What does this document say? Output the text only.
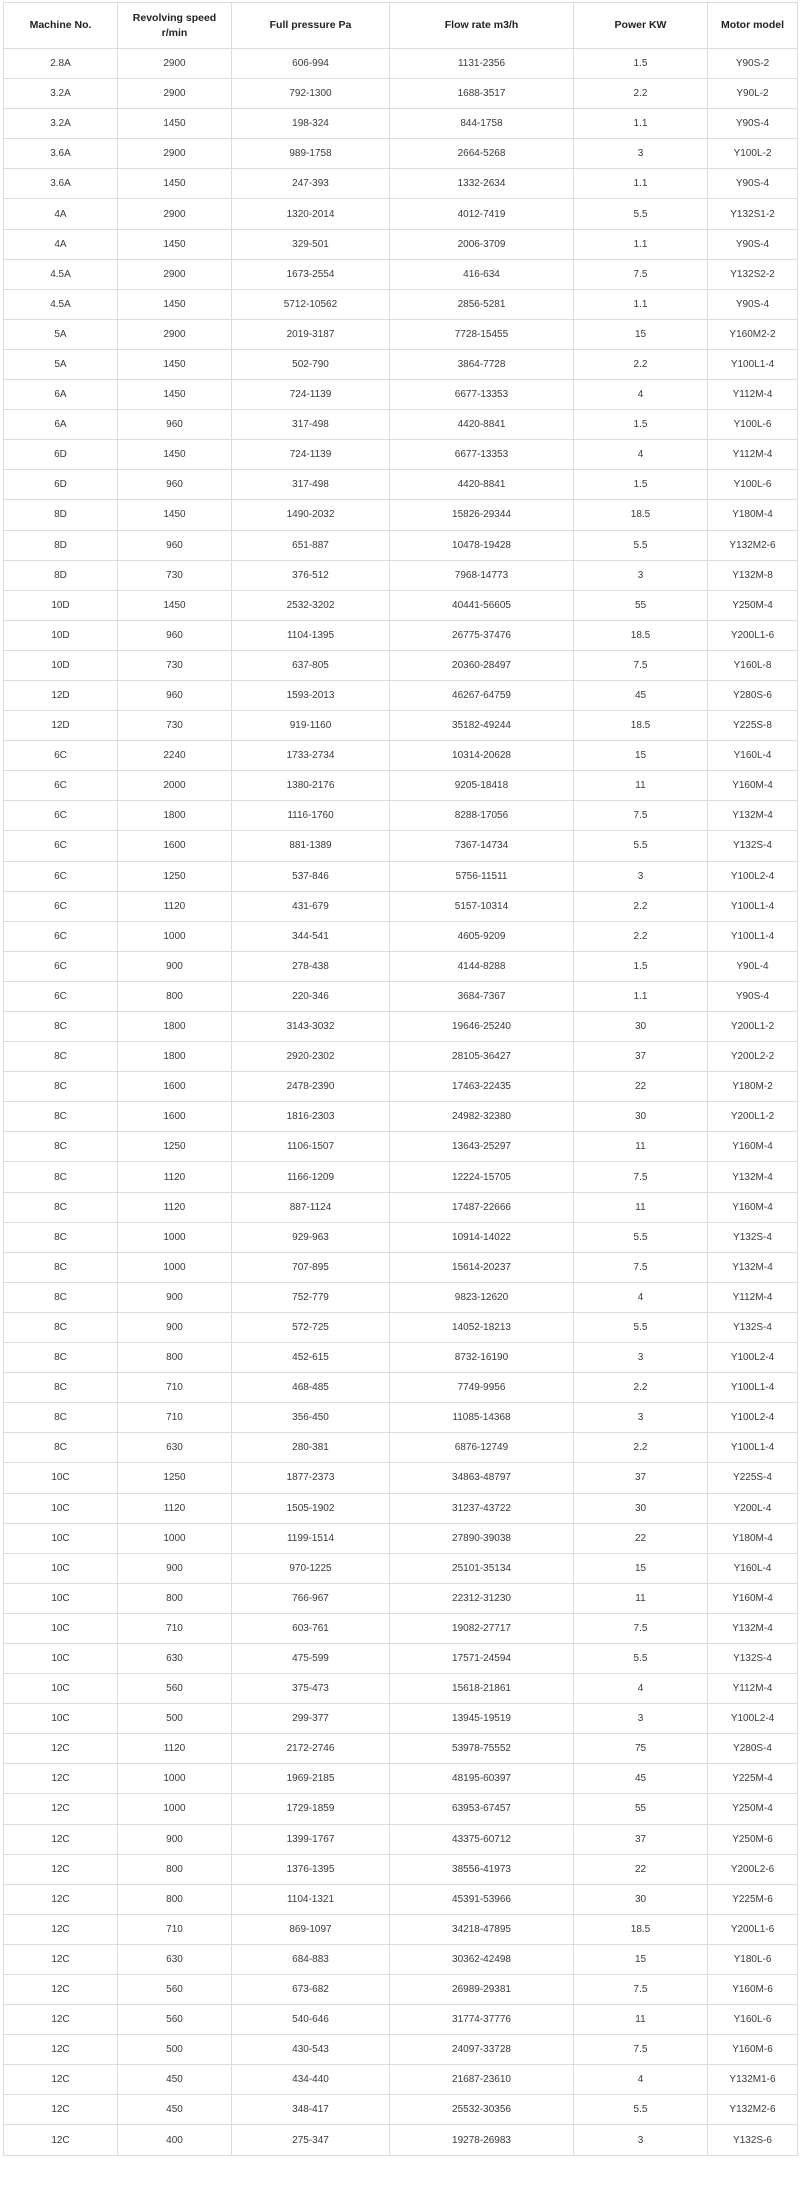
Machine No.	Revolving speed r/min	Full pressure Pa	Flow rate m3/h	Power KW	Motor model
2.8A	2900	606-994	1131-2356	1.5	Y90S-2
3.2A	2900	792-1300	1688-3517	2.2	Y90L-2
3.2A	1450	198-324	844-1758	1.1	Y90S-4
3.6A	2900	989-1758	2664-5268	3	Y100L-2
3.6A	1450	247-393	1332-2634	1.1	Y90S-4
4A	2900	1320-2014	4012-7419	5.5	Y132S1-2
4A	1450	329-501	2006-3709	1.1	Y90S-4
4.5A	2900	1673-2554	416-634	7.5	Y132S2-2
4.5A	1450	5712-10562	2856-5281	1.1	Y90S-4
5A	2900	2019-3187	7728-15455	15	Y160M2-2
5A	1450	502-790	3864-7728	2.2	Y100L1-4
6A	1450	724-1139	6677-13353	4	Y112M-4
6A	960	317-498	4420-8841	1.5	Y100L-6
6D	1450	724-1139	6677-13353	4	Y112M-4
6D	960	317-498	4420-8841	1.5	Y100L-6
8D	1450	1490-2032	15826-29344	18.5	Y180M-4
8D	960	651-887	10478-19428	5.5	Y132M2-6
8D	730	376-512	7968-14773	3	Y132M-8
10D	1450	2532-3202	40441-56605	55	Y250M-4
10D	960	1104-1395	26775-37476	18.5	Y200L1-6
10D	730	637-805	20360-28497	7.5	Y160L-8
12D	960	1593-2013	46267-64759	45	Y280S-6
12D	730	919-1160	35182-49244	18.5	Y225S-8
6C	2240	1733-2734	10314-20628	15	Y160L-4
6C	2000	1380-2176	9205-18418	11	Y160M-4
6C	1800	1116-1760	8288-17056	7.5	Y132M-4
6C	1600	881-1389	7367-14734	5.5	Y132S-4
6C	1250	537-846	5756-11511	3	Y100L2-4
6C	1120	431-679	5157-10314	2.2	Y100L1-4
6C	1000	344-541	4605-9209	2.2	Y100L1-4
6C	900	278-438	4144-8288	1.5	Y90L-4
6C	800	220-346	3684-7367	1.1	Y90S-4
8C	1800	3143-3032	19646-25240	30	Y200L1-2
8C	1800	2920-2302	28105-36427	37	Y200L2-2
8C	1600	2478-2390	17463-22435	22	Y180M-2
8C	1600	1816-2303	24982-32380	30	Y200L1-2
8C	1250	1106-1507	13643-25297	11	Y160M-4
8C	1120	1166-1209	12224-15705	7.5	Y132M-4
8C	1120	887-1124	17487-22666	11	Y160M-4
8C	1000	929-963	10914-14022	5.5	Y132S-4
8C	1000	707-895	15614-20237	7.5	Y132M-4
8C	900	752-779	9823-12620	4	Y112M-4
8C	900	572-725	14052-18213	5.5	Y132S-4
8C	800	452-615	8732-16190	3	Y100L2-4
8C	710	468-485	7749-9956	2.2	Y100L1-4
8C	710	356-450	11085-14368	3	Y100L2-4
8C	630	280-381	6876-12749	2.2	Y100L1-4
10C	1250	1877-2373	34863-48797	37	Y225S-4
10C	1120	1505-1902	31237-43722	30	Y200L-4
10C	1000	1199-1514	27890-39038	22	Y180M-4
10C	900	970-1225	25101-35134	15	Y160L-4
10C	800	766-967	22312-31230	11	Y160M-4
10C	710	603-761	19082-27717	7.5	Y132M-4
10C	630	475-599	17571-24594	5.5	Y132S-4
10C	560	375-473	15618-21861	4	Y112M-4
10C	500	299-377	13945-19519	3	Y100L2-4
12C	1120	2172-2746	53978-75552	75	Y280S-4
12C	1000	1969-2185	48195-60397	45	Y225M-4
12C	1000	1729-1859	63953-67457	55	Y250M-4
12C	900	1399-1767	43375-60712	37	Y250M-6
12C	800	1376-1395	38556-41973	22	Y200L2-6
12C	800	1104-1321	45391-53966	30	Y225M-6
12C	710	869-1097	34218-47895	18.5	Y200L1-6
12C	630	684-883	30362-42498	15	Y180L-6
12C	560	673-682	26989-29381	7.5	Y160M-6
12C	560	540-646	31774-37776	11	Y160L-6
12C	500	430-543	24097-33728	7.5	Y160M-6
12C	450	434-440	21687-23610	4	Y132M1-6
12C	450	348-417	25532-30356	5.5	Y132M2-6
12C	400	275-347	19278-26983	3	Y132S-6
